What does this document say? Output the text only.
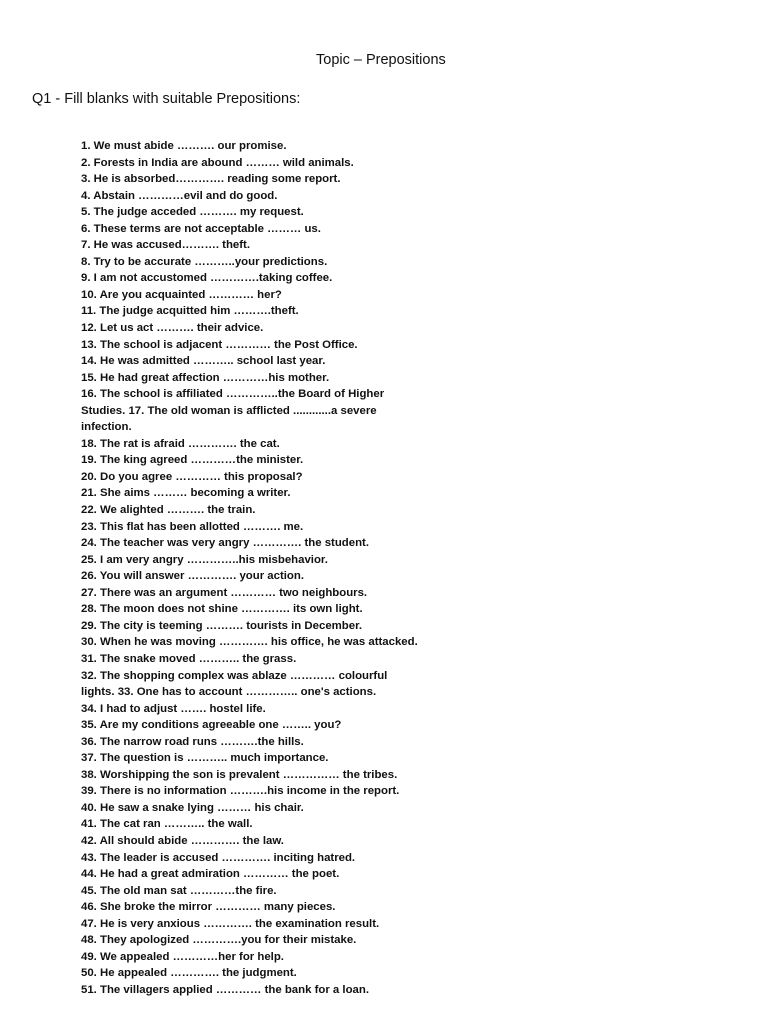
Topic – Prepositions
Q1 - Fill blanks with suitable Prepositions:
1. We must abide ………. our promise.
2. Forests in India are abound ……… wild animals.
3. He is absorbed…………. reading some report.
4. Abstain …………evil and do good.
5. The judge acceded ………. my request.
6. These terms are not acceptable ……… us.
7. He was accused………. theft.
8. Try to be accurate ………..your predictions.
9. I am not accustomed ………….taking coffee.
10. Are you acquainted ………… her?
11. The judge acquitted him ……….theft.
12. Let us act ………. their advice.
13. The school is adjacent ………… the Post Office.
14. He was admitted ……….. school last year.
15. He had great affection …………his mother.
16. The school is affiliated …………..the Board of Higher Studies. 17. The old woman is afflicted ............a severe infection.
18. The rat is afraid …………. the cat.
19. The king agreed …………the minister.
20. Do you agree ………… this proposal?
21. She aims ……… becoming a writer.
22. We alighted ………. the train.
23. This flat has been allotted ………. me.
24. The teacher was very angry …………. the student.
25. I am very angry …………..his misbehavior.
26. You will answer …………. your action.
27. There was an argument ………… two neighbours.
28. The moon does not shine …………. its own light.
29. The city is teeming ………. tourists in December.
30. When he was moving …………. his office, he was attacked. 31. The snake moved ……….. the grass.
32. The shopping complex was ablaze ………… colourful lights. 33. One has to account ………….. one's actions.
34. I had to adjust ……. hostel life.
35. Are my conditions agreeable one …….. you?
36. The narrow road runs ……….the hills.
37. The question is ……….. much importance.
38. Worshipping the son is prevalent …………… the tribes.
39. There is no information ……….his income in the report.
40. He saw a snake lying ……… his chair.
41. The cat ran ……….. the wall.
42. All should abide …………. the law.
43. The leader is accused …………. inciting hatred.
44. He had a great admiration ………… the poet.
45. The old man sat …………the fire.
46. She broke the mirror ………… many pieces.
47. He is very anxious …………. the examination result.
48. They apologized ………….you for their mistake.
49. We appealed …………her for help.
50. He appealed …………. the judgment.
51. The villagers applied ………… the bank for a loan.
